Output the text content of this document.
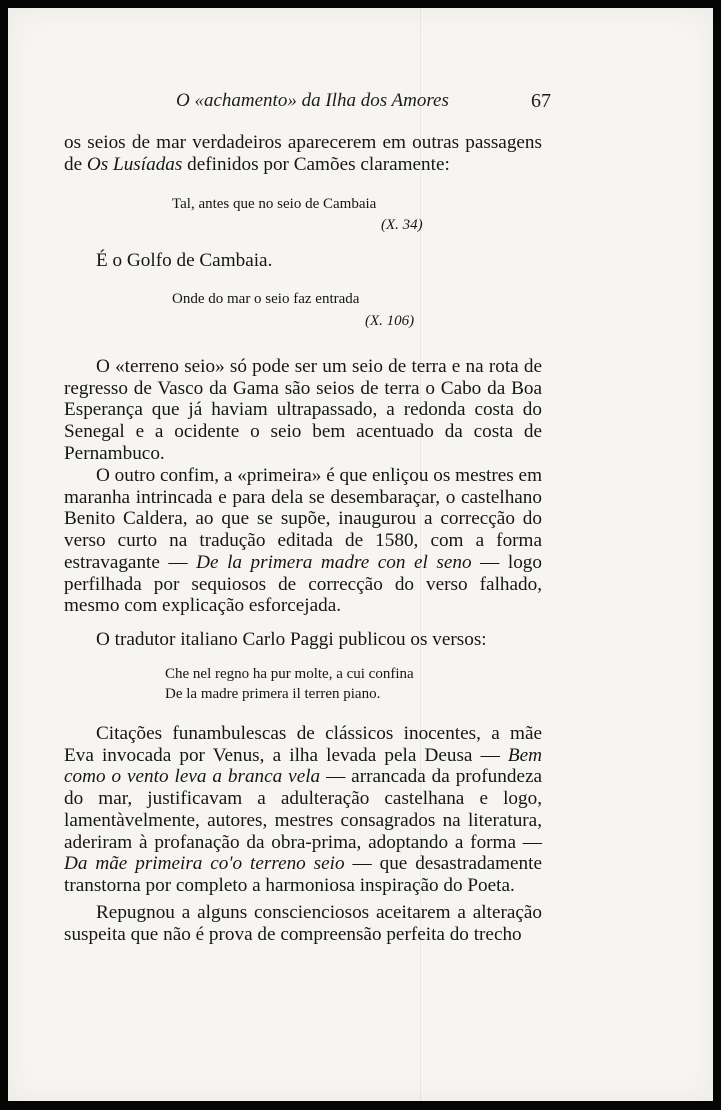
O «achamento» da Ilha dos Amores	67

os seios de mar verdadeiros aparecerem em outras passagens de Os Lusíadas definidos por Camões claramente:

Tal, antes que no seio de Cambaia
(X. 34)

É o Golfo de Cambaia.

Onde do mar o seio faz entrada
(X. 106)

O «terreno seio» só pode ser um seio de terra e na rota de regresso de Vasco da Gama são seios de terra o Cabo da Boa Esperança que já haviam ultrapassado, a redonda costa do Senegal e a ocidente o seio bem acentuado da costa de Pernambuco.

O outro confim, a «primeira» é que enliçou os mestres em maranha intrincada e para dela se desembaraçar, o castelhano Benito Caldera, ao que se supõe, inaugurou a correcção do verso curto na tradução editada de 1580, com a forma estravagante — De la primera madre con el seno — logo perfilhada por sequiosos de correcção do verso falhado, mesmo com explicação esforcejada.

O tradutor italiano Carlo Paggi publicou os versos:

Che nel regno ha pur molte, a cui confina
De la madre primera il terren piano.

Citações funambulescas de clássicos inocentes, a mãe Eva invocada por Venus, a ilha levada pela Deusa — Bem como o vento leva a branca vela — arrancada da profundeza do mar, justificavam a adulteração castelhana e logo, lamentàvelmente, autores, mestres consagrados na literatura, aderiram à profanação da obra-prima, adoptando a forma — Da mãe primeira co'o terreno seio — que desastradamente transtorna por completo a harmoniosa inspiração do Poeta.

Repugnou a alguns conscienciosos aceitarem a alteração suspeita que não é prova de compreensão perfeita do trecho
